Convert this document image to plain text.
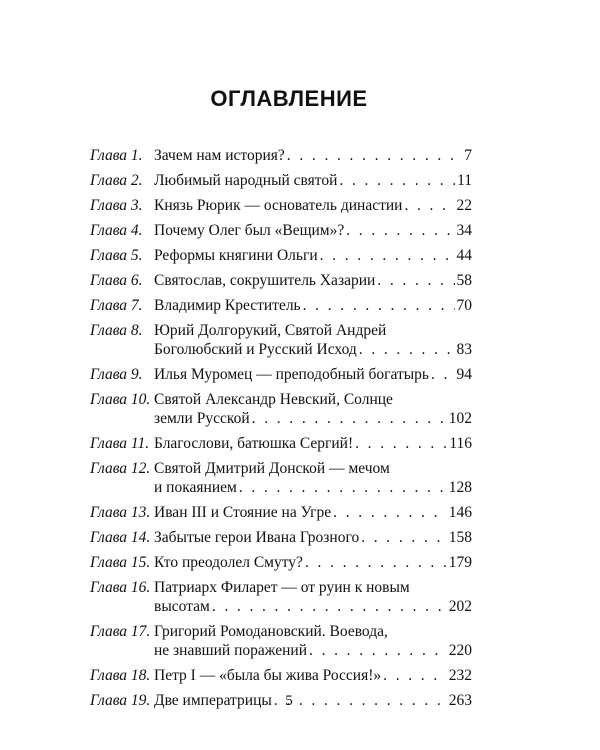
ОГЛАВЛЕНИЕ
Глава 1. Зачем нам история? . . .	7
Глава 2. Любимый народный святой . . .	11
Глава 3. Князь Рюрик — основатель династии . . .	22
Глава 4. Почему Олег был «Вещим»? . . .	34
Глава 5. Реформы княгини Ольги . . .	44
Глава 6. Святослав, сокрушитель Хазарии . . .	58
Глава 7. Владимир Креститель . . .	70
Глава 8. Юрий Долгорукий, Святой Андрей
Боголюбский и Русский Исход . . .	83
Глава 9. Илья Муромец — преподобный богатырь . . . 94
Глава 10. Святой Александр Невский, Солнце
земли Русской . . .	102
Глава 11. Благослови, батюшка Сергий! . . .	116
Глава 12. Святой Дмитрий Донской — мечом
и покаянием . . .	128
Глава 13. Иван III и Стояние на Угре . . .	146
Глава 14. Забытые герои Ивана Грозного . . .	158
Глава 15. Кто преодолел Смуту? . . .	179
Глава 16. Патриарх Филарет — от руин к новым
высотам . . .	202
Глава 17. Григорий Ромодановский. Воевода,
не знавший поражений . . .	220
Глава 18. Петр I — «была бы жива Россия!» . . .	232
Глава 19. Две императрицы . . .	263
5
